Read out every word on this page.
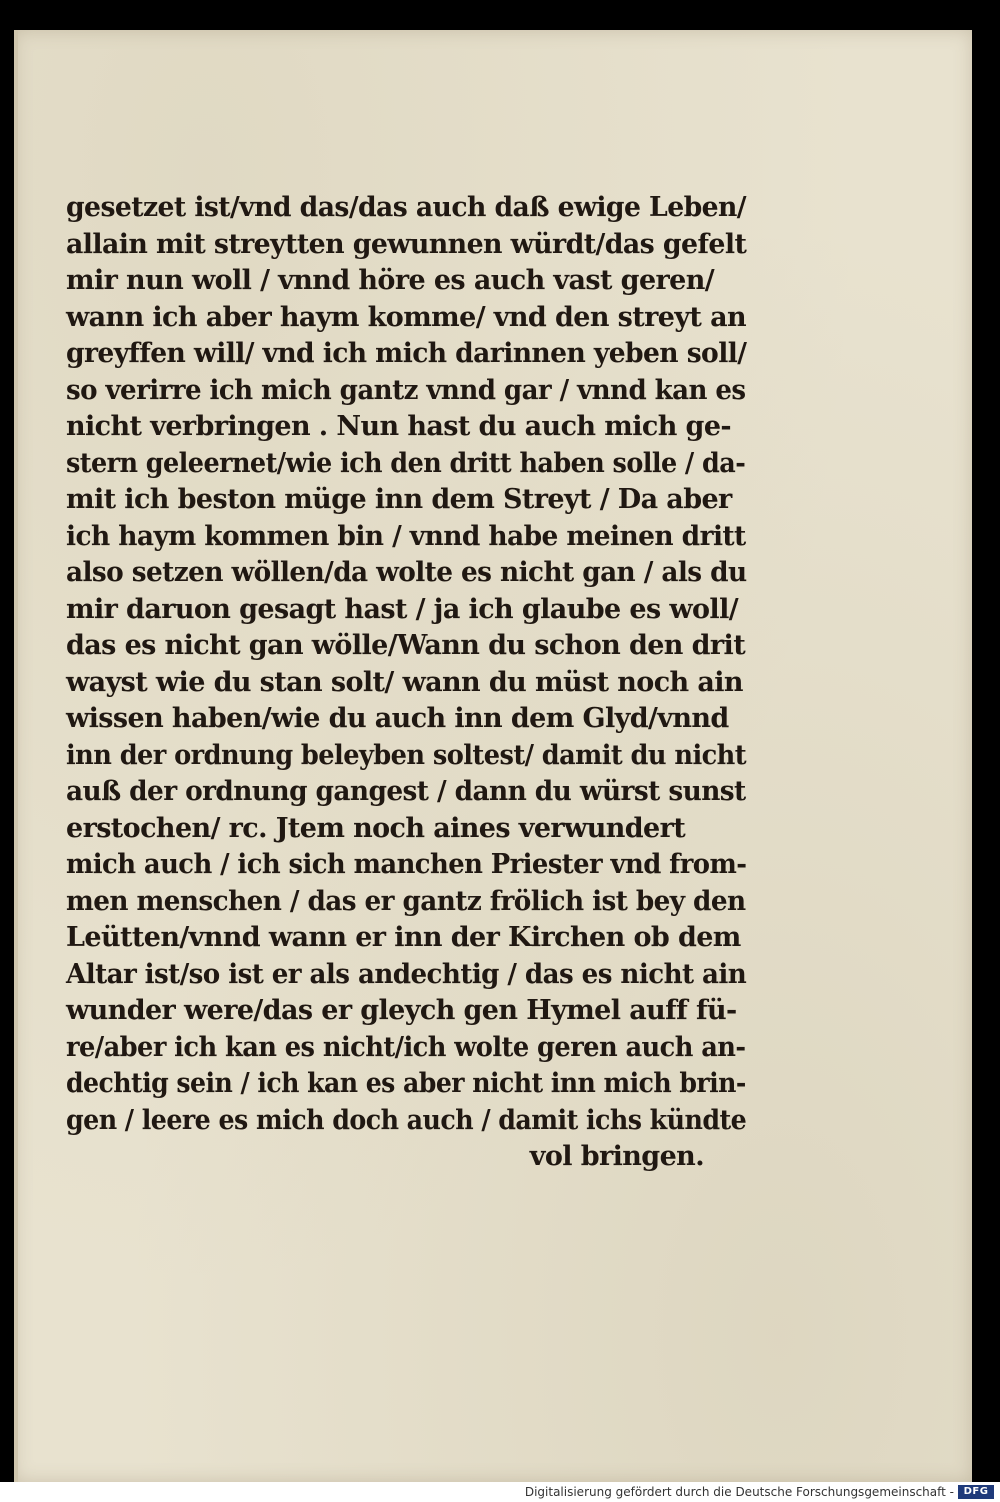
gesetzet ist/vnd das/das auch daß ewige Leben/
allain mit streytten gewunnen würdt/das gefelt
mir nun woll / vnnd höre es auch vast geren/
wann ich aber haym komme/ vnd den streyt an
greyffen will/ vnd ich mich darinnen yeben soll/
so verirre ich mich gantz vnnd gar / vnnd kan es
nicht verbringen . Nun hast du auch mich ge-
stern geleernet/wie ich den dritt haben solle / da-
mit ich beston müge inn dem Streyt / Da aber
ich haym kommen bin / vnnd habe meinen dritt
also setzen wöllen/da wolte es nicht gan / als du
mir daruon gesagt hast / ja ich glaube es woll/
das es nicht gan wölle/Wann du schon den drit
wayst wie du stan solt/ wann du müst noch ain
wissen haben/wie du auch inn dem Glyd/vnnd
inn der ordnung beleyben soltest/ damit du nicht
auß der ordnung gangest / dann du würst sunst
erstochen/ rc. Jtem noch aines verwundert
mich auch / ich sich manchen Priester vnd from-
men menschen / das er gantz frölich ist bey den
Leütten/vnnd wann er inn der Kirchen ob dem
Altar ist/so ist er als andechtig / das es nicht ain
wunder were/das er gleych gen Hymel auff fü-
re/aber ich kan es nicht/ich wolte geren auch an-
dechtig sein / ich kan es aber nicht inn mich brin-
gen / leere es mich doch auch / damit ichs kündte
vol bringen.
Digitalisierung gefördert durch die Deutsche Forschungsgemeinschaft - DFG
